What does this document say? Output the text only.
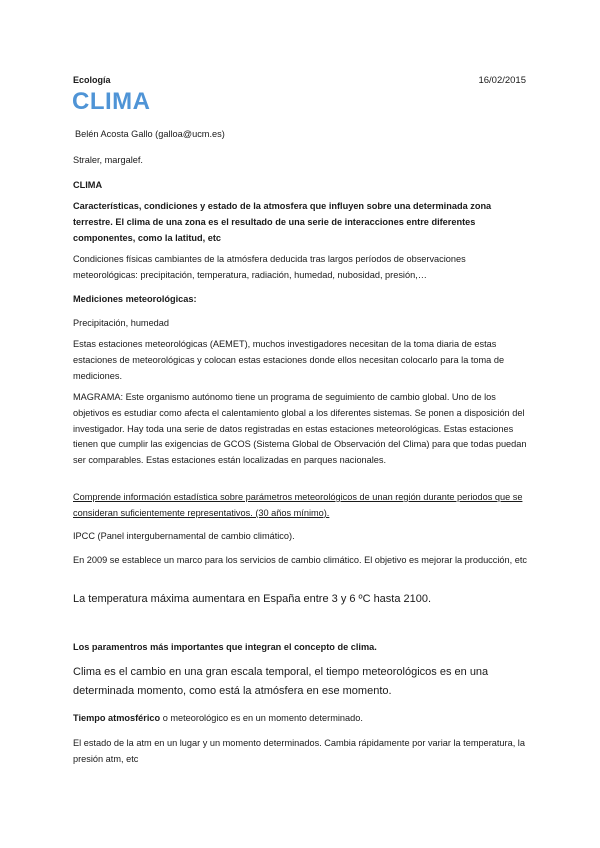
Ecología	16/02/2015
CLIMA
Belén Acosta Gallo (galloa@ucm.es)
Straler, margalef.
CLIMA
Características, condiciones y estado de la atmosfera que influyen sobre una determinada zona terrestre. El clima de una zona es el resultado de una serie de interacciones entre diferentes componentes, como la latitud, etc
Condiciones físicas cambiantes de la atmósfera deducida tras largos períodos de observaciones meteorológicas: precipitación, temperatura, radiación, humedad, nubosidad, presión,…
Mediciones meteorológicas:
Precipitación, humedad
Estas estaciones meteorológicas (AEMET), muchos investigadores necesitan de la toma diaria de estas estaciones de meteorológicas y colocan estas estaciones donde ellos necesitan colocarlo para la toma de mediciones.
MAGRAMA: Este organismo autónomo tiene un programa de seguimiento de cambio global. Uno de los objetivos es estudiar como afecta el calentamiento global a los diferentes sistemas. Se ponen a disposición del investigador. Hay toda una serie de datos registradas en estas estaciones meteorológicas. Estas estaciones tienen que cumplir las exigencias de GCOS (Sistema Global de Observación del Clima) para que todas puedan ser comparables. Estas estaciones están localizadas en parques nacionales.
Comprende información estadística sobre parámetros meteorológicos de unan región durante periodos que se consideran suficientemente representativos. (30 años mínimo).
IPCC (Panel intergubernamental de cambio climático).
En 2009 se establece un marco para los servicios de cambio climático. El objetivo es mejorar la producción, etc
La temperatura máxima aumentara en España entre 3 y 6 ºC hasta 2100.
Los paramentros más importantes que integran el concepto de clima.
Clima es el cambio en una gran escala temporal, el tiempo meteorológicos es en una determinada momento, como está la atmósfera en ese momento.
Tiempo atmosférico o meteorológico es en un momento determinado.
El estado de la atm en un lugar y un momento determinados. Cambia rápidamente por variar la temperatura, la presión atm, etc
